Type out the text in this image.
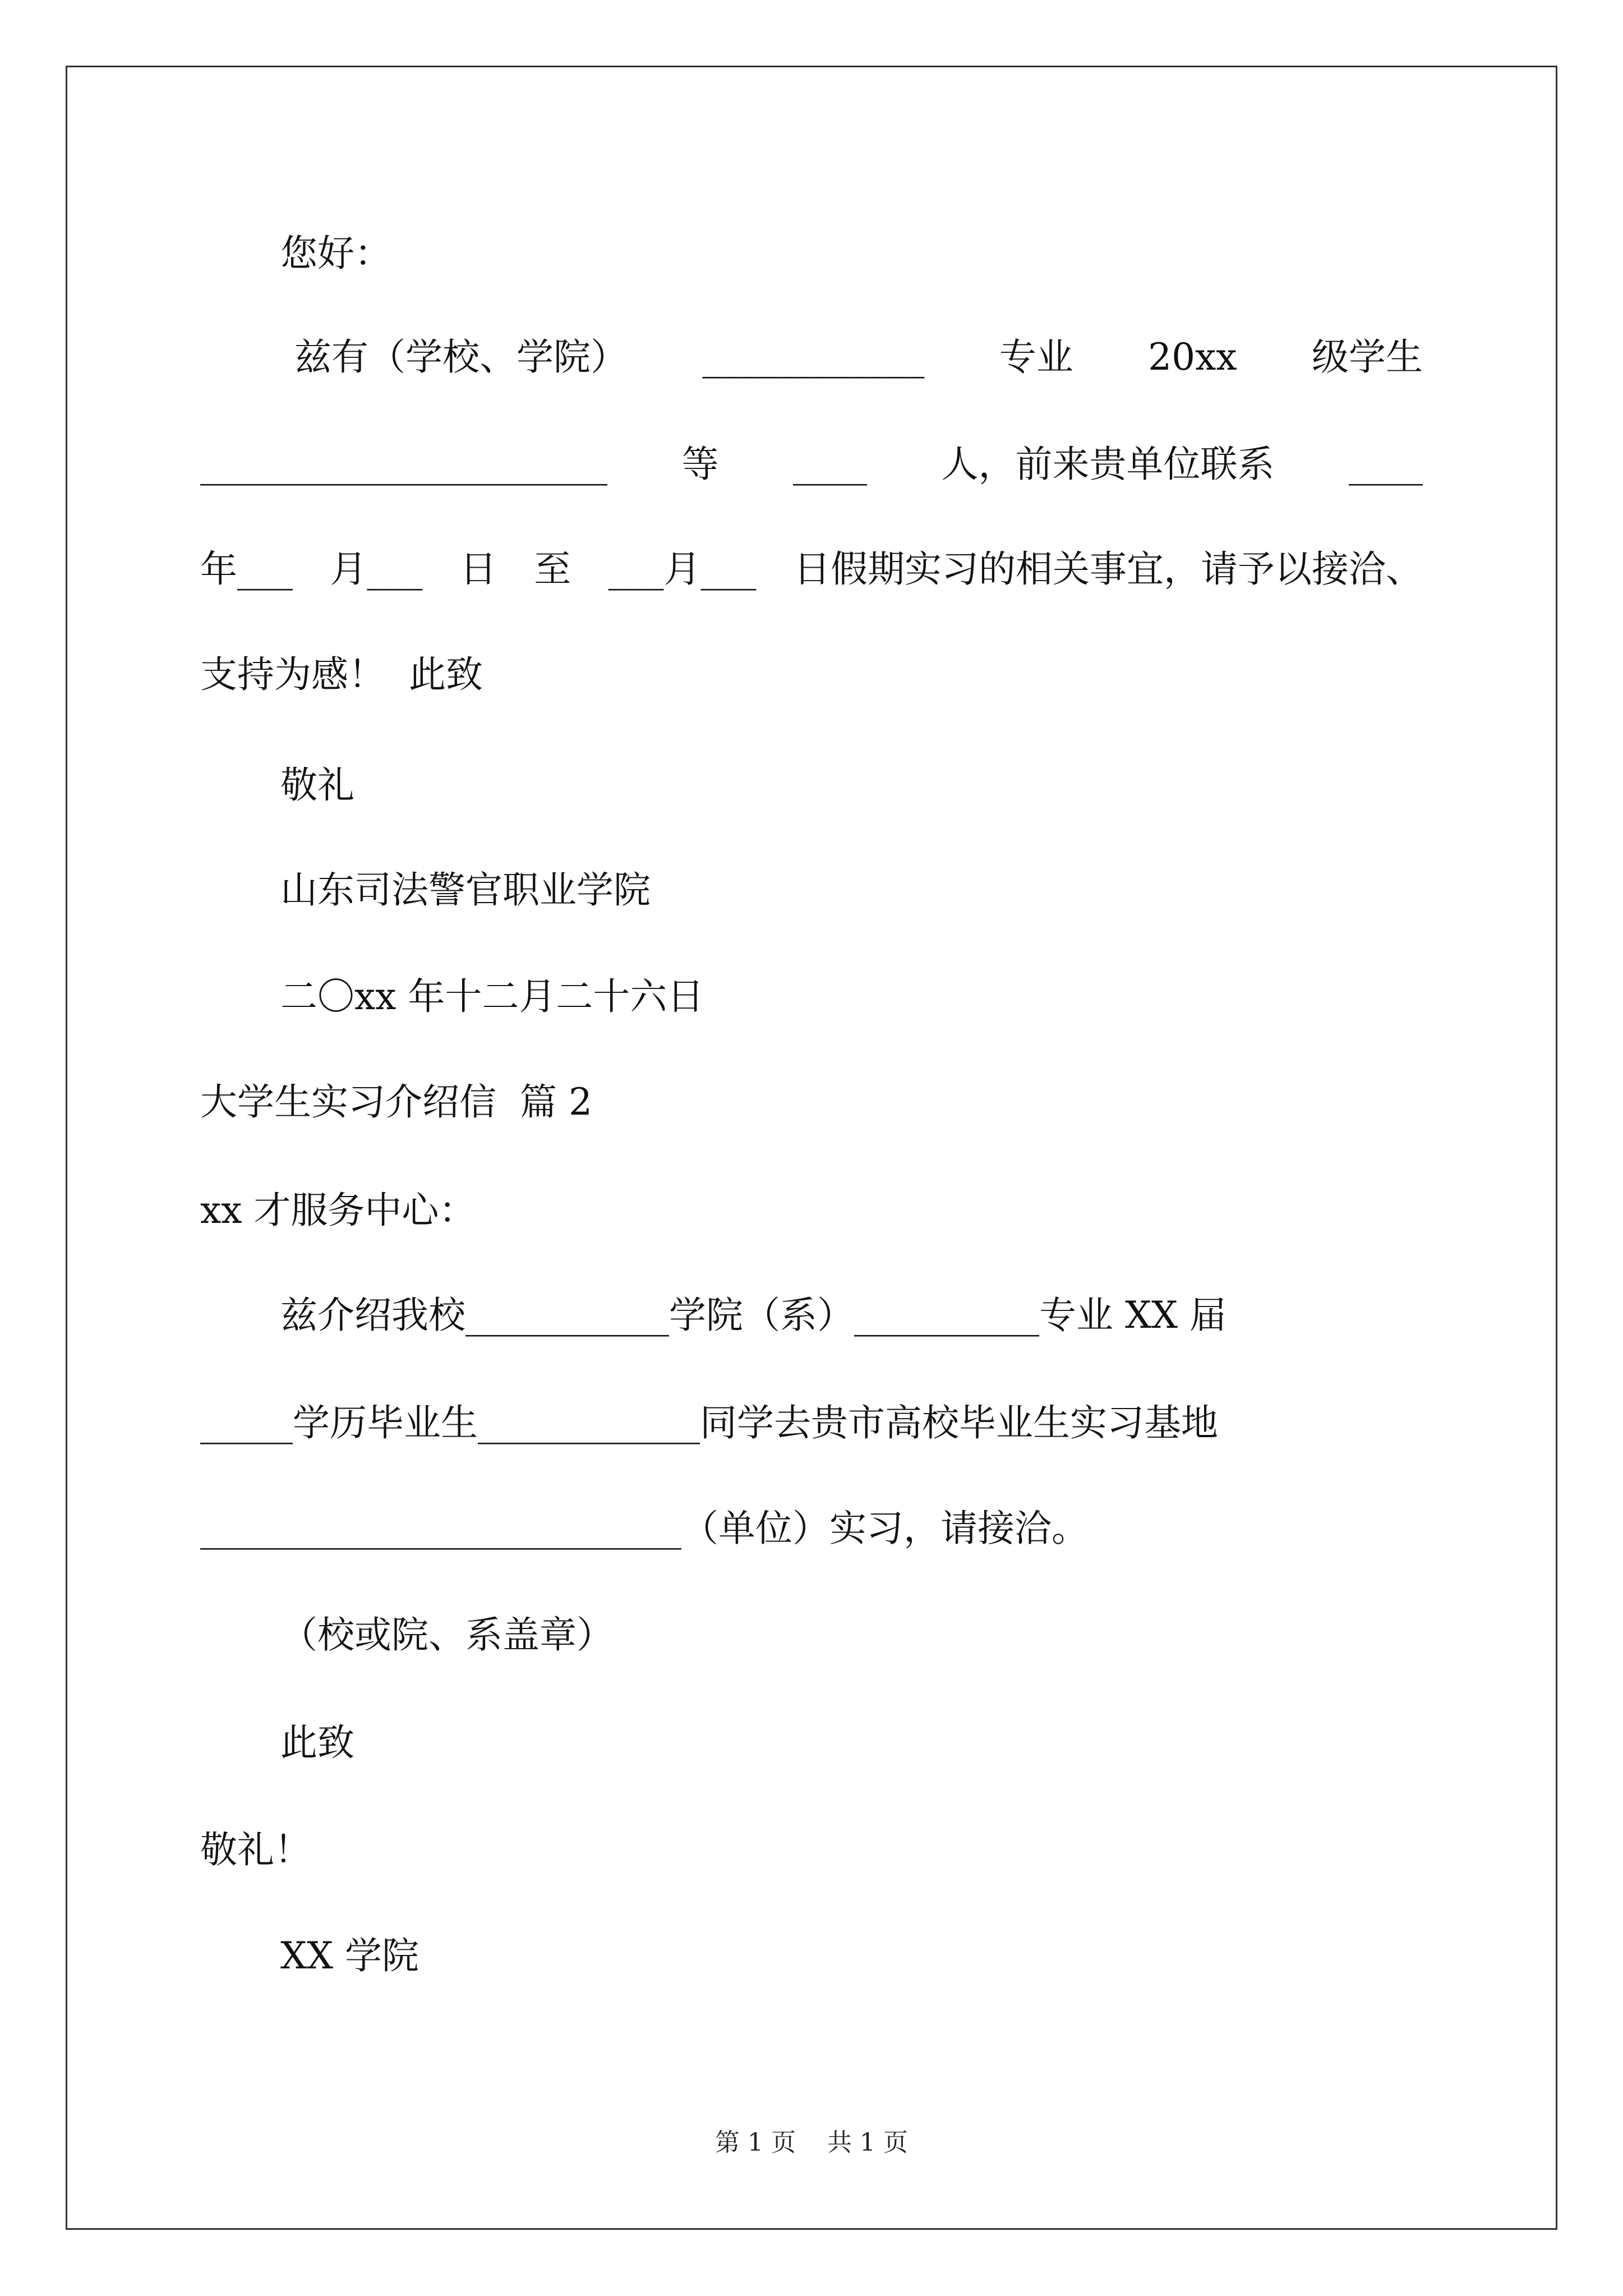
您好：
兹有（学校、学院） ____________ 专业 20xx 级学生
______________________ 等 ____ 人，前来贵单位联系 ____
年___ 月___ 日 至 ___月___ 日假期实习的相关事宜，请予以接洽、
支持为感！  此致
敬礼
山东司法警官职业学院
二〇xx 年十二月二十六日
大学生实习介绍信  篇 2
xx 才服务中心：
兹介绍我校___________学院（系）__________专业 XX 届
_____学历毕业生____________同学去贵市高校毕业生实习基地
__________________________（单位）实习，请接洽。
（校或院、系盖章）
此致
敬礼！
XX 学院
第 1 页    共 1 页
